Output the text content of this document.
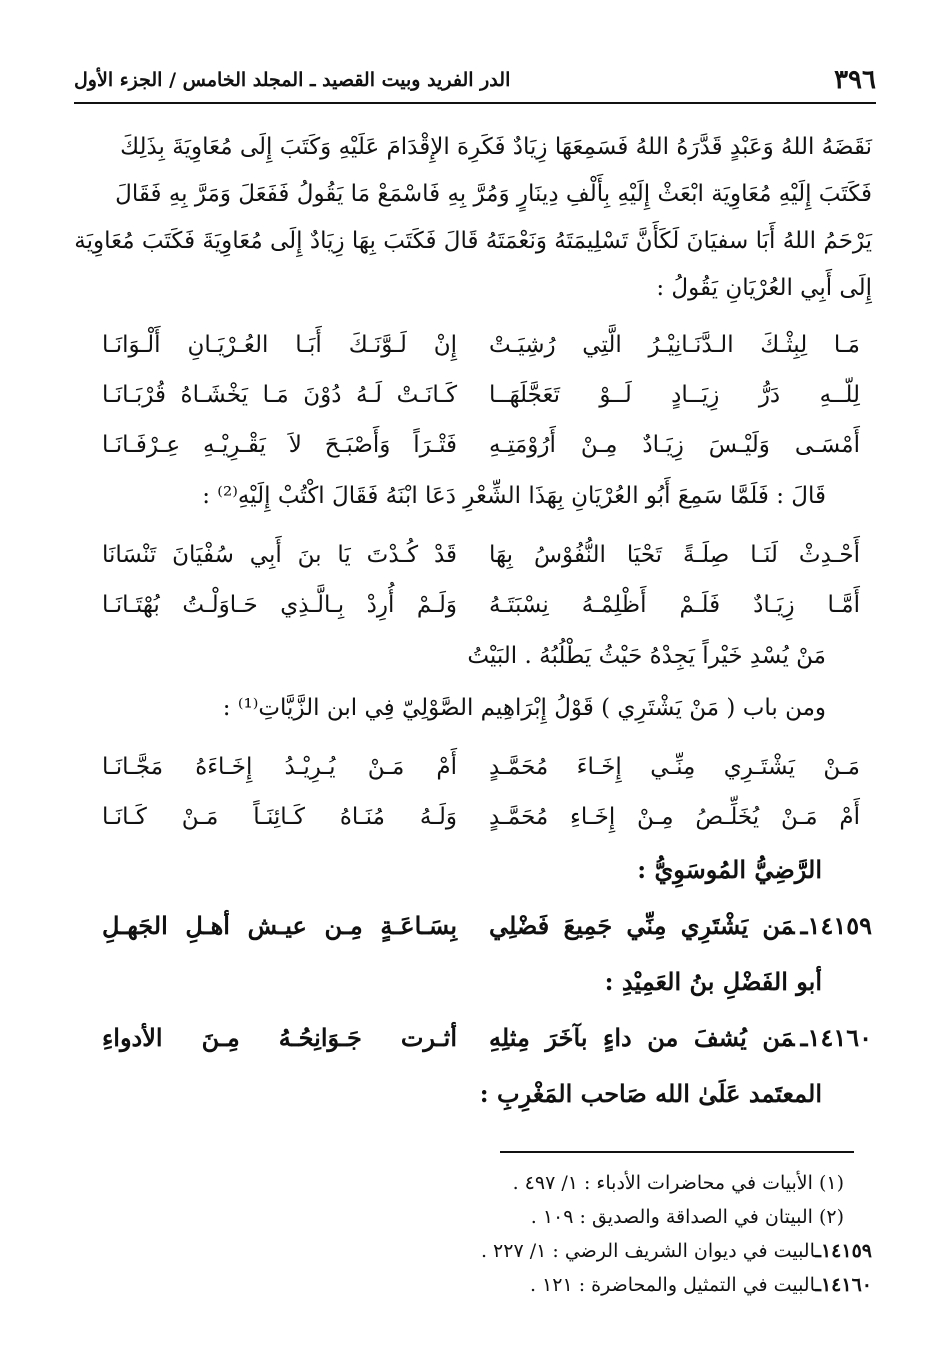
٣٩٦
الدر الفريد وبيت القصيد ـ المجلد الخامس / الجزء الأول

نَقَضَهُ اللهُ وَعَبْدٍ قَدَّرَهُ اللهُ فَسَمِعَهَا زِيَادٌ فَكَرِهَ الإِقْدَامَ عَلَيْهِ وَكَتَبَ إِلَى مُعَاوِيَةَ بِذَلِكَ
فَكَتَبَ إِلَيْهِ مُعَاوِيَة ابْعَثْ إِلَيْهِ بِأَلْفِ دِينَارٍ وَمُرَّ بِهِ فَاسْمَعْ مَا يَقُولُ فَفَعَلَ وَمَرَّ بِهِ فَقَالَ
يَرْحَمُ اللهُ أَبَا سفيَانَ لَكَأَنَّ تَسْلِيمَتَهُ وَنَعْمَتَهُ قَالَ فَكَتَبَ بِهَا زِيَادٌ إِلَى مُعَاوِيَةَ فَكَتَبَ مُعَاوِيَة
إِلَى أَبِي العُرْيَانِ يَقُولُ :

مَـا لِبِثْـكَ الـدَّنَـانِيْـرُ الَّتِي رُشِيَـتْ
إِنْ لَـوَّنَـكَ أَبَـا العُـرْيَـانِ أَلْـوَانَـا
لِلّــهِ دَرُّ زِيَــادٍ لَــوْ تَعَجَّلَهَــا
كَـانَـتْ لَـهُ دُوْنَ مَـا يَخْشَـاهُ قُرْبَـانَـا
أَمْسَـى وَلَيْـسَ زِيَـادٌ مِـنْ أَرُوْمَتِـهِ
فَتْـرَاً وَأَصْبَـحَ لاَ يَقْـرِيْـهِ عِـرْفَـانَـا
قَالَ : فَلَمَّا سَمِعَ أَبُو العُرْيَانِ بِهَذَا الشِّعْرِ دَعَا ابْنَهُ فَقَالَ اكْتُبْ إِلَيْهِ⁽²⁾ :
أَحْـدِثْ لَنَـا صِلَـةً تَحْيَا النُّفُوْسُ بِهَا
قَدْ كُـدْتَ يَا بنَ أَبِي سُفْيَانَ تَنْسَانَا
أَمَّـا زِيَـادٌ فَلَـمْ أَظْلِمْـهُ نِسْبَتَـهُ
وَلَـمْ أُرِدْ بِـالَّـذِي حَـاوَلْـتُ بُهْتَـانَـا
مَنْ يُسْدِ خَيْراً يَجِدْهُ حَيْثُ يَطْلُبُهُ . البَيْتُ
ومن باب ( مَنْ يَشْتَرِي ) قَوْلُ إِبْرَاهِيم الصَّوْلِيّ فِي ابن الزَّيَّاتِ⁽¹⁾ :
مَـنْ يَشْتَـرِي مِنِّـي إِخَـاءَ مُحَمَّـدٍ
أَمْ مَـنْ يُـرِيْـدُ إِخَـاءَهُ مَجَّـانَـا
أَمْ مَـنْ يُخَلِّـصُ مِـنْ إِخَـاءِ مُحَمَّـدٍ
وَلَـهُ مُنَـاهُ كَـائِنَـاً مَـنْ كَـانَـا
الرَّضِيُّ المُوسَوِيُّ :
١٤١٥٩ـمَن يَشْتَرِي مِنِّي جَمِيعَ فَضْلِي
بِسَـاعَـةٍ مِـن عيـش أهـلِ الجَهـلِ
أبو الفَضْلِ بنُ العَمِيْدِ :
١٤١٦٠ـمَن يُشفَ من داءٍ بآخَرَ مِثلِهِ
أثـرت جَـوَانِحُـهُ مِـنَ الأدواءِ
المعتَمد عَلَىٰ الله صَاحب المَغْرِبِ :
(١) الأبيات في محاضرات الأدباء : ١/ ٤٩٧ .
(٢) البيتان في الصداقة والصديق : ١٠٩ .
١٤١٥٩ـالبيت في ديوان الشريف الرضي : ١/ ٢٢٧ .
١٤١٦٠ـالبيت في التمثيل والمحاضرة : ١٢١ .
